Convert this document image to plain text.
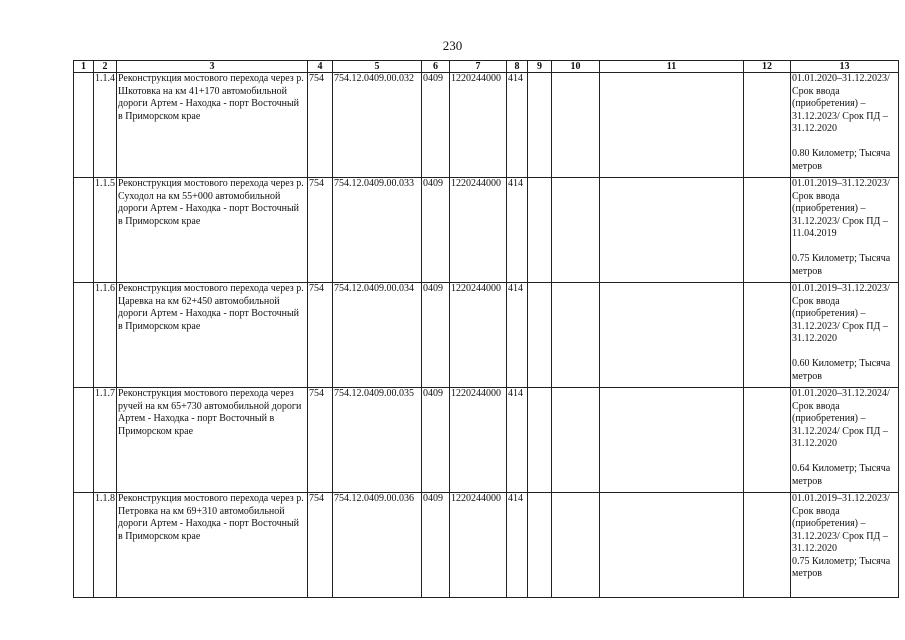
230
1	2	3	4	5	6	7	8	9	10	11	12	13
	1.1.4	Реконструкция мостового перехода через р. Шкотовка на км 41+170 автомобильной дороги Артем - Находка - порт Восточный в Приморском крае	754	754.12.0409.00.032	0409	1220244000	414					01.01.2020–31.12.2023/ Срок ввода (приобретения) – 31.12.2023/ Срок ПД – 31.12.2020
0.80 Километр; Тысяча метров

	1.1.5	Реконструкция мостового перехода через р. Суходол на км 55+000 автомобильной дороги Артем - Находка - порт Восточный в Приморском крае	754	754.12.0409.00.033	0409	1220244000	414					01.01.2019–31.12.2023/ Срок ввода (приобретения) – 31.12.2023/ Срок ПД – 11.04.2019
0.75 Километр; Тысяча метров

	1.1.6	Реконструкция мостового перехода через р. Царевка на км 62+450 автомобильной дороги Артем - Находка - порт Восточный в Приморском крае	754	754.12.0409.00.034	0409	1220244000	414					01.01.2019–31.12.2023/ Срок ввода (приобретения) – 31.12.2023/ Срок ПД – 31.12.2020
0.60 Километр; Тысяча метров

	1.1.7	Реконструкция мостового перехода через ручей на км 65+730 автомобильной дороги Артем - Находка - порт Восточный в Приморском крае	754	754.12.0409.00.035	0409	1220244000	414					01.01.2020–31.12.2024/ Срок ввода (приобретения) – 31.12.2024/ Срок ПД – 31.12.2020
0.64 Километр; Тысяча метров

	1.1.8	Реконструкция мостового перехода через р. Петровка на км 69+310 автомобильной дороги Артем - Находка - порт Восточный в Приморском крае	754	754.12.0409.00.036	0409	1220244000	414					01.01.2019–31.12.2023/ Срок ввода (приобретения) – 31.12.2023/ Срок ПД – 31.12.2020
0.75 Километр; Тысяча метров
